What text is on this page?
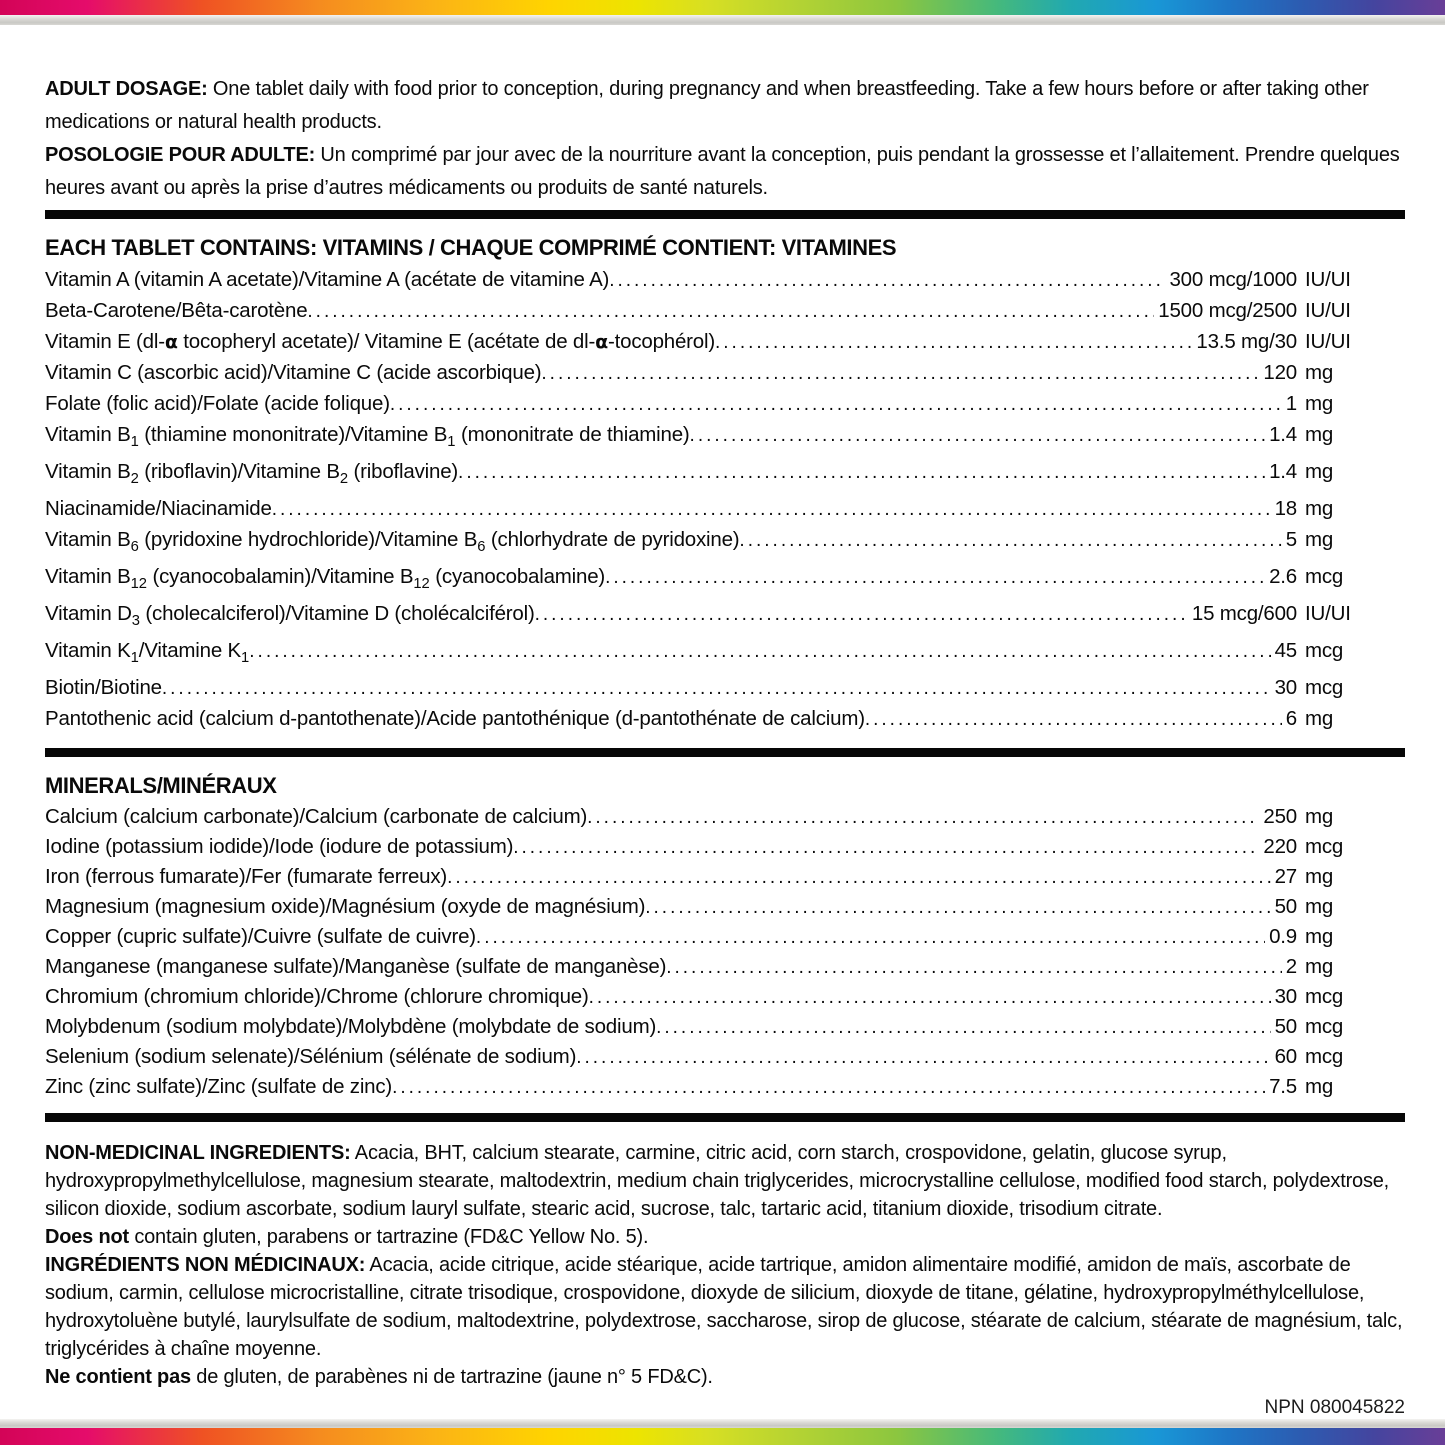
ADULT DOSAGE: One tablet daily with food prior to conception, during pregnancy and when breastfeeding. Take a few hours before or after taking other medications or natural health products.

POSOLOGIE POUR ADULTE: Un comprimé par jour avec de la nourriture avant la conception, puis pendant la grossesse et l’allaitement. Prendre quelques heures avant ou après la prise d’autres médicaments ou produits de santé naturels.

EACH TABLET CONTAINS: VITAMINS / CHAQUE COMPRIMÉ CONTIENT: VITAMINES
Vitamin A (vitamin A acetate)/Vitamine A (acétate de vitamine A) .....	300 mcg/1000 IU/UI
Beta-Carotene/Bêta-carotène .....	1500 mcg/2500 IU/UI
Vitamin E (dl-α tocopheryl acetate)/ Vitamine E (acétate de dl-α-tocophérol) .....	13.5 mg/30 IU/UI
Vitamin C (ascorbic acid)/Vitamine C (acide ascorbique) .....	120 mg
Folate (folic acid)/Folate (acide folique) .....	1 mg
Vitamin $B_1$ (thiamine mononitrate)/Vitamine $B_1$ (mononitrate de thiamine) .....	1.4 mg
Vitamin $B_2$ (riboflavin)/Vitamine $B_2$ (riboflavine) .....	1.4 mg
Niacinamide/Niacinamide .....	18 mg
Vitamin $B_6$ (pyridoxine hydrochloride)/Vitamine $B_6$ (chlorhydrate de pyridoxine) .....	5 mg
Vitamin $B_{12}$ (cyanocobalamin)/Vitamine $B_{12}$ (cyanocobalamine) .....	2.6 mcg
Vitamin $D_3$ (cholecalciferol)/Vitamine D (cholécalciférol) .....	15 mcg/600 IU/UI
Vitamin $K_1$/Vitamine $K_1$ .....	45 mcg
Biotin/Biotine .....	30 mcg
Pantothenic acid (calcium d-pantothenate)/Acide pantothénique (d-pantothénate de calcium) .....	6 mg
MINERALS/MINÉRAUX
Calcium (calcium carbonate)/Calcium (carbonate de calcium) .....	250 mg
Iodine (potassium iodide)/Iode (iodure de potassium) .....	220 mcg
Iron (ferrous fumarate)/Fer (fumarate ferreux) .....	27 mg
Magnesium (magnesium oxide)/Magnésium (oxyde de magnésium) .....	50 mg
Copper (cupric sulfate)/Cuivre (sulfate de cuivre) .....	0.9 mg
Manganese (manganese sulfate)/Manganèse (sulfate de manganèse) .....	2 mg
Chromium (chromium chloride)/Chrome (chlorure chromique) .....	30 mcg
Molybdenum (sodium molybdate)/Molybdène (molybdate de sodium) .....	50 mcg
Selenium (sodium selenate)/Sélénium (sélénate de sodium) .....	60 mcg
Zinc (zinc sulfate)/Zinc (sulfate de zinc) .....	7.5 mg

NON-MEDICINAL INGREDIENTS: Acacia, BHT, calcium stearate, carmine, citric acid, corn starch, crospovidone, gelatin, glucose syrup, hydroxypropylmethylcellulose, magnesium stearate, maltodextrin, medium chain triglycerides, microcrystalline cellulose, modified food starch, polydextrose, silicon dioxide, sodium ascorbate, sodium lauryl sulfate, stearic acid, sucrose, talc, tartaric acid, titanium dioxide, trisodium citrate.

Does not contain gluten, parabens or tartrazine (FD&C Yellow No. 5).

INGRÉDIENTS NON MÉDICINAUX: Acacia, acide citrique, acide stéarique, acide tartrique, amidon alimentaire modifié, amidon de maïs, ascorbate de sodium, carmin, cellulose microcristalline, citrate trisodique, crospovidone, dioxyde de silicium, dioxyde de titane, gélatine, hydroxypropylméthylcellulose, hydroxytoluène butylé, laurylsulfate de sodium, maltodextrine, polydextrose, saccharose, sirop de glucose, stéarate de calcium, stéarate de magnésium, talc, triglycérides à chaîne moyenne.

Ne contient pas de gluten, de parabènes ni de tartrazine (jaune n° 5 FD&C).

NPN 080045822
